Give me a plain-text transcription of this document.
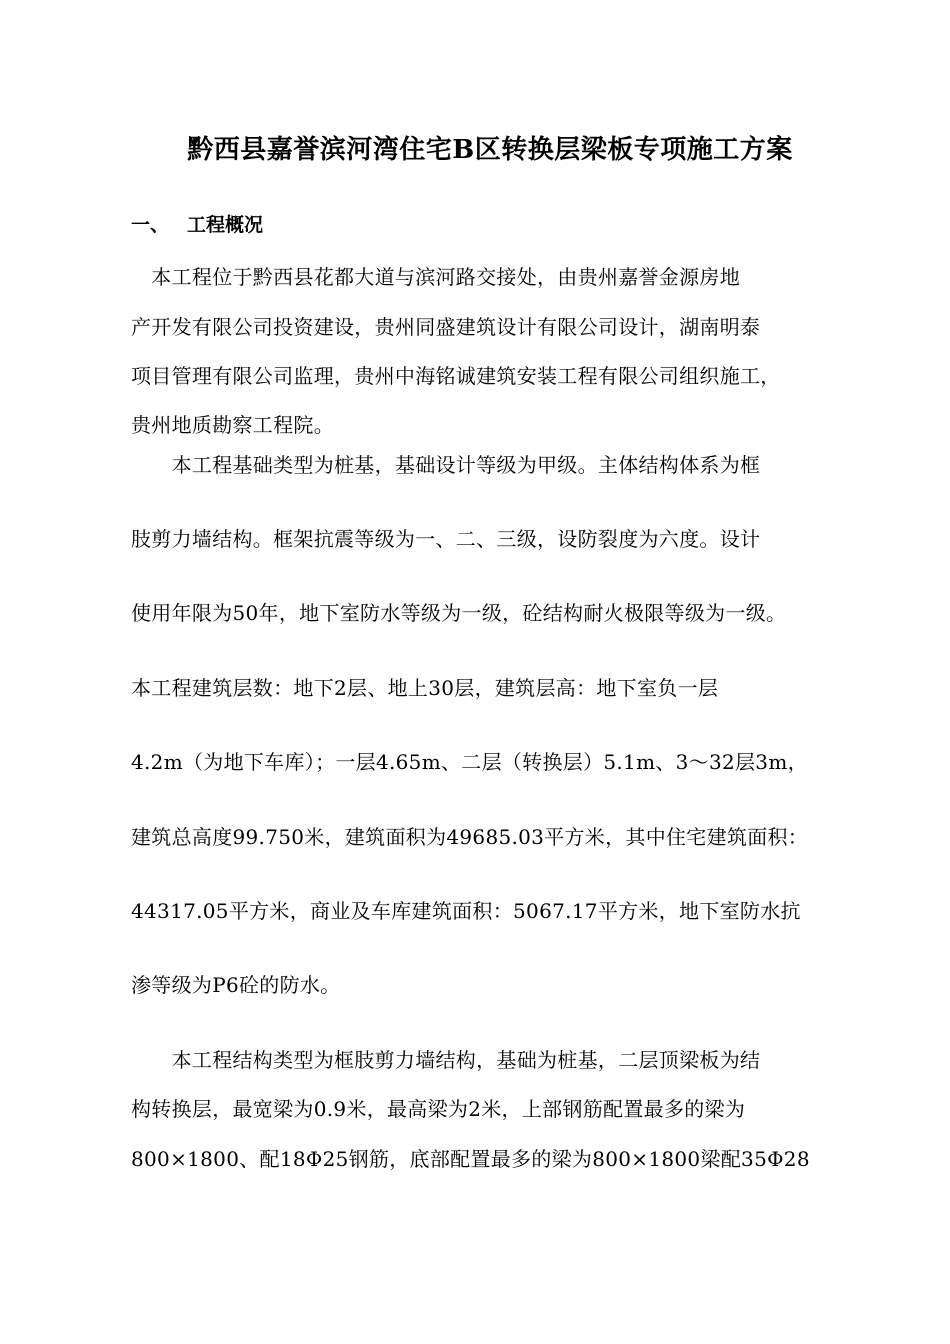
黔西县嘉誉滨河湾住宅B区转换层梁板专项施工方案
一、 工程概况

　本工程位于黔西县花都大道与滨河路交接处，由贵州嘉誉金源房地

产开发有限公司投资建设，贵州同盛建筑设计有限公司设计，湖南明泰

项目管理有限公司监理，贵州中海铭诚建筑安装工程有限公司组织施工，

贵州地质勘察工程院。

　　本工程基础类型为桩基，基础设计等级为甲级。主体结构体系为框

肢剪力墙结构。框架抗震等级为一、二、三级，设防裂度为六度。设计

使用年限为50年，地下室防水等级为一级，砼结构耐火极限等级为一级。

本工程建筑层数：地下2层、地上30层，建筑层高：地下室负一层

4.2m（为地下车库）；一层4.65m、二层（转换层）5.1m、3～32层3m，

建筑总高度99.750米，建筑面积为49685.03平方米，其中住宅建筑面积：

44317.05平方米，商业及车库建筑面积：5067.17平方米，地下室防水抗

渗等级为P6砼的防水。

　　本工程结构类型为框肢剪力墙结构，基础为桩基，二层顶梁板为结

构转换层，最宽梁为0.9米，最高梁为2米，上部钢筋配置最多的梁为

800×1800、配18Φ25钢筋，底部配置最多的梁为800×1800梁配35Φ28
